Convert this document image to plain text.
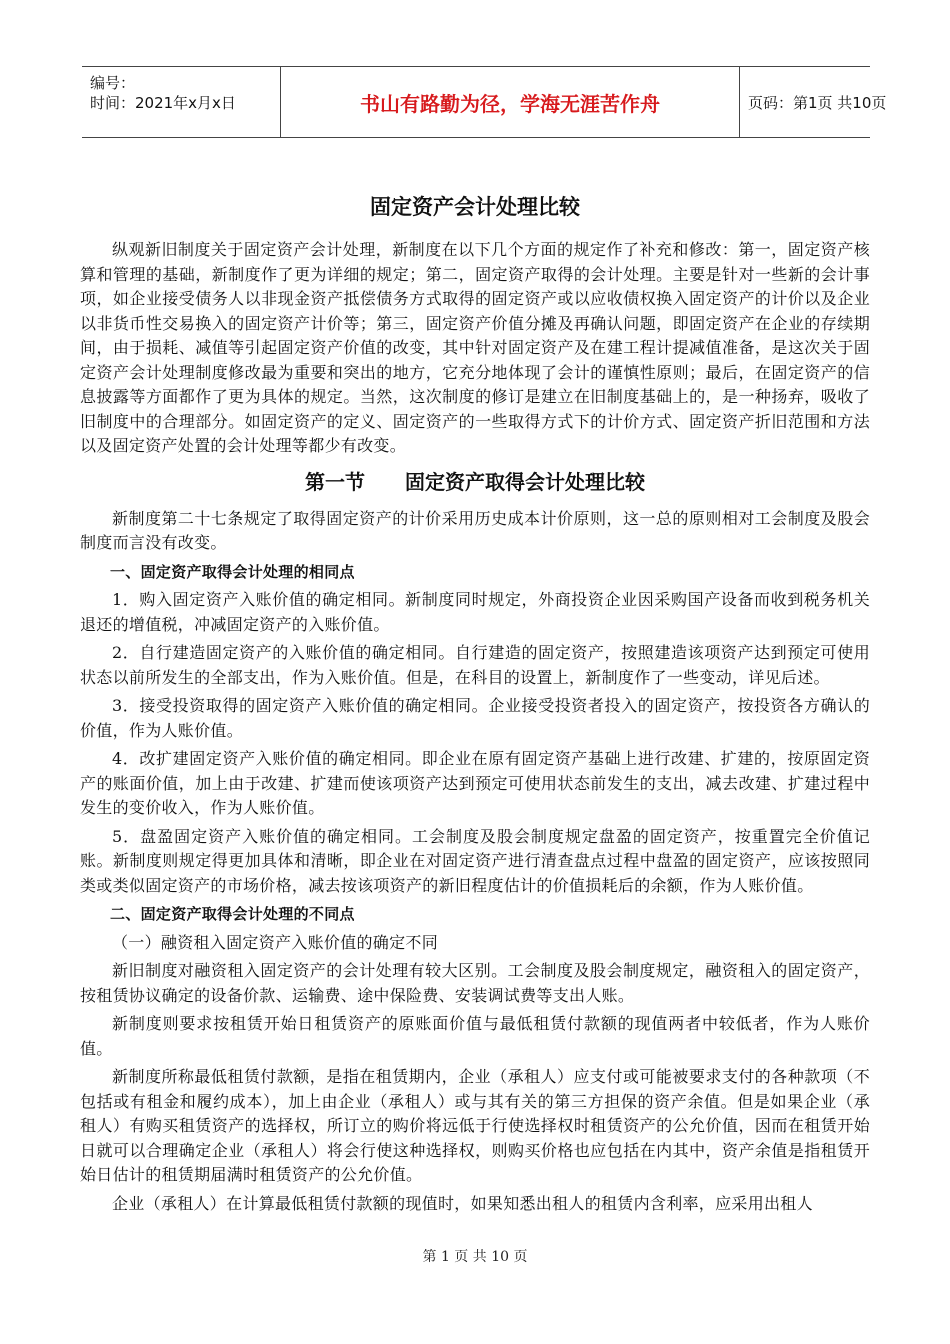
编号：
时间：2021年x月x日	书山有路勤为径，学海无涯苦作舟	页码：第1页 共10页
固定资产会计处理比较

纵观新旧制度关于固定资产会计处理，新制度在以下几个方面的规定作了补充和修改：第一，固定资产核算和管理的基础，新制度作了更为详细的规定；第二，固定资产取得的会计处理。主要是针对一些新的会计事项，如企业接受债务人以非现金资产抵偿债务方式取得的固定资产或以应收债权换入固定资产的计价以及企业以非货币性交易换入的固定资产计价等；第三，固定资产价值分摊及再确认问题，即固定资产在企业的存续期间，由于损耗、减值等引起固定资产价值的改变，其中针对固定资产及在建工程计提减值准备，是这次关于固定资产会计处理制度修改最为重要和突出的地方，它充分地体现了会计的谨慎性原则；最后，在固定资产的信息披露等方面都作了更为具体的规定。当然，这次制度的修订是建立在旧制度基础上的，是一种扬弃，吸收了旧制度中的合理部分。如固定资产的定义、固定资产的一些取得方式下的计价方式、固定资产折旧范围和方法以及固定资产处置的会计处理等都少有改变。

第一节　　固定资产取得会计处理比较

新制度第二十七条规定了取得固定资产的计价采用历史成本计价原则，这一总的原则相对工会制度及股会制度而言没有改变。

一、固定资产取得会计处理的相同点

1．购入固定资产入账价值的确定相同。新制度同时规定，外商投资企业因采购国产设备而收到税务机关退还的增值税，冲减固定资产的入账价值。

2．自行建造固定资产的入账价值的确定相同。自行建造的固定资产，按照建造该项资产达到预定可使用状态以前所发生的全部支出，作为入账价值。但是，在科目的设置上，新制度作了一些变动，详见后述。

3．接受投资取得的固定资产入账价值的确定相同。企业接受投资者投入的固定资产，按投资各方确认的价值，作为人账价值。

4．改扩建固定资产入账价值的确定相同。即企业在原有固定资产基础上进行改建、扩建的，按原固定资产的账面价值，加上由于改建、扩建而使该项资产达到预定可使用状态前发生的支出，减去改建、扩建过程中发生的变价收入，作为人账价值。

5．盘盈固定资产入账价值的确定相同。工会制度及股会制度规定盘盈的固定资产，按重置完全价值记账。新制度则规定得更加具体和清晰，即企业在对固定资产进行清查盘点过程中盘盈的固定资产，应该按照同类或类似固定资产的市场价格，减去按该项资产的新旧程度估计的价值损耗后的余额，作为人账价值。

二、固定资产取得会计处理的不同点

（一）融资租入固定资产入账价值的确定不同

新旧制度对融资租入固定资产的会计处理有较大区别。工会制度及股会制度规定，融资租入的固定资产，按租赁协议确定的设备价款、运输费、途中保险费、安装调试费等支出人账。

新制度则要求按租赁开始日租赁资产的原账面价值与最低租赁付款额的现值两者中较低者，作为人账价值。

新制度所称最低租赁付款额，是指在租赁期内，企业（承租人）应支付或可能被要求支付的各种款项（不包括或有租金和履约成本），加上由企业（承租人）或与其有关的第三方担保的资产余值。但是如果企业（承租人）有购买租赁资产的选择权，所订立的购价将远低于行使选择权时租赁资产的公允价值，因而在租赁开始日就可以合理确定企业（承租人）将会行使这种选择权，则购买价格也应包括在内其中，资产余值是指租赁开始日估计的租赁期届满时租赁资产的公允价值。

企业（承租人）在计算最低租赁付款额的现值时，如果知悉出租人的租赁内含利率，应采用出租人

第 1 页 共 10 页
